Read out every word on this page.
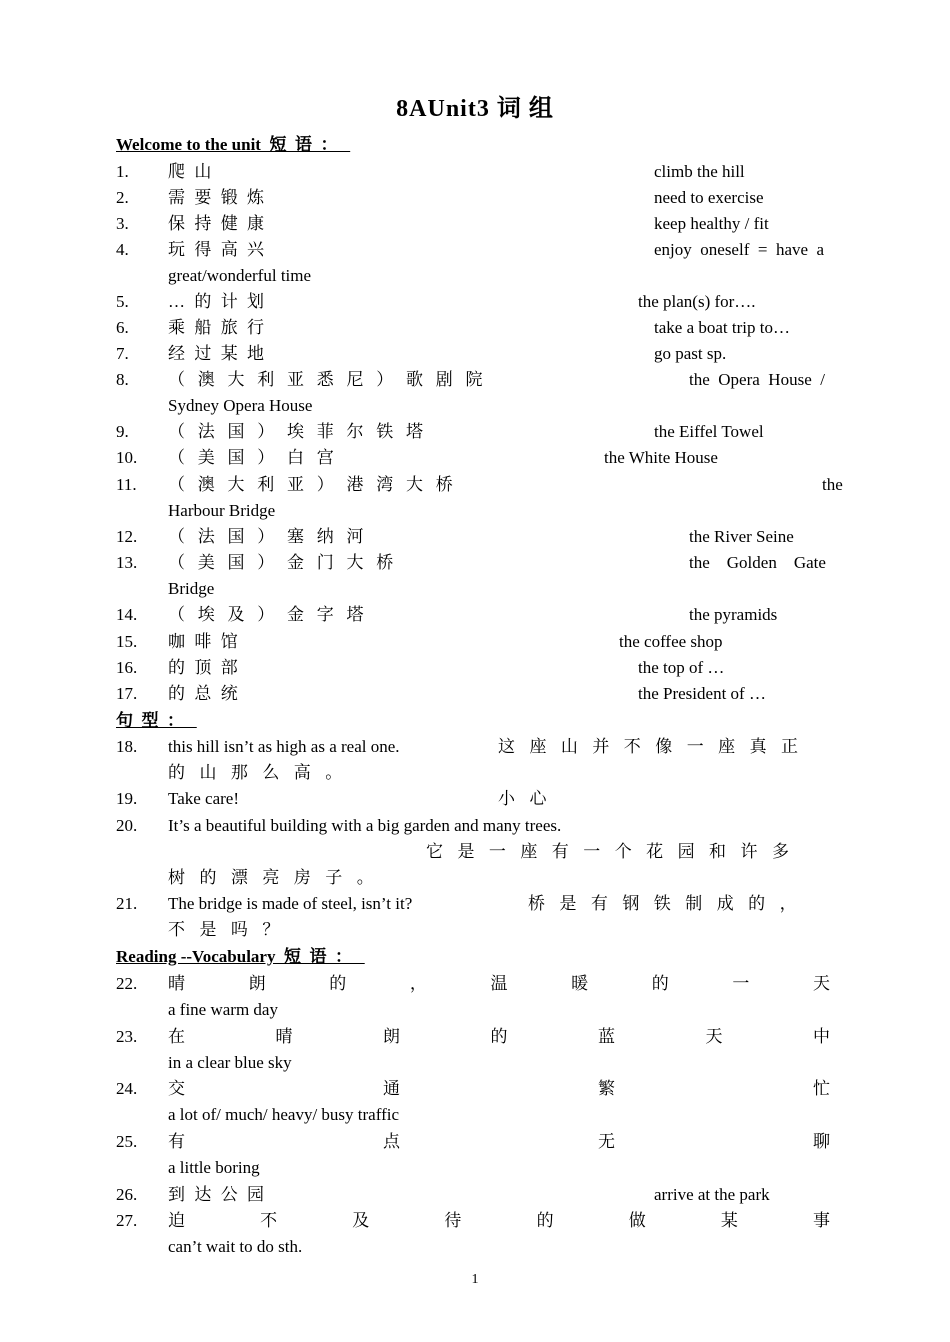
8AUnit3 词 组
Welcome to the unit  短  语  ：
1. 爬山	climb the hill
2. 需要锻炼	need to exercise
3. 保持健康	keep healthy / fit
4. 玩得高兴	enjoy  oneself  =  have  a
great/wonderful time
5. …的计划	the plan(s) for….
6. 乘船旅行	take a boat trip to…
7. 经过某地	go past sp.
8. （澳大利亚悉尼）歌剧院	the  Opera  House  /
Sydney Opera House
9. （法国）埃菲尔铁塔	the Eiffel Towel
10. （美国）白宫	the White House
11. （澳大利亚）港湾大桥	the
Harbour Bridge
12. （法国）塞纳河	the River Seine
13. （美国）金门大桥	the    Golden    Gate
Bridge
14. （埃及）金字塔	the pyramids
15. 咖啡馆	the coffee shop
16. 的顶部	the top of …
17. 的总统	the President of …
句  型  ：
18. this hill isn’t as high as a real one.	这座山并不像一座真正
的山那么高。
19. Take care!	小心
20. It’s a beautiful building with a big garden and many trees.
它是一座有一个花园和许多
树的漂亮房子。
21. The bridge is made of steel, isn’t it?	桥是有钢铁制成的，
不是吗？
Reading --Vocabulary  短  语  ：
22. 晴	朗	的	，	温	暖	的	一	天
a fine warm day
23. 在	晴	朗	的	蓝	天	中
in a clear blue sky
24. 交	通	繁	忙
a lot of/ much/ heavy/ busy traffic
25. 有	点	无	聊
a little boring
26. 到达公园	arrive at the park
27. 迫	不	及	待	的	做	某	事
can’t wait to do sth.
1
